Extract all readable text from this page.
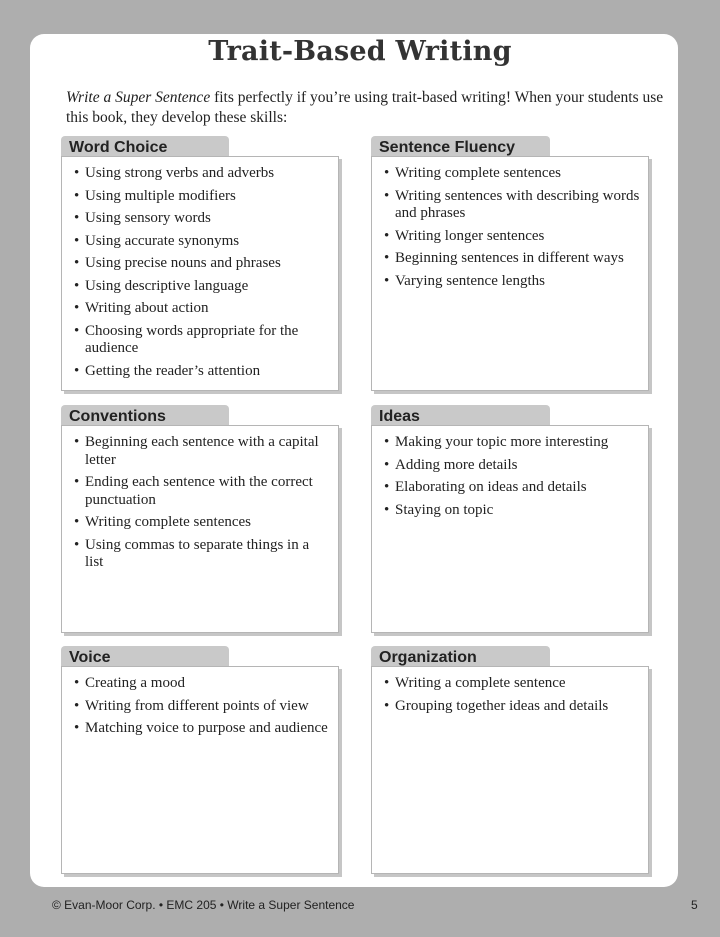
Trait-Based Writing
Write a Super Sentence fits perfectly if you’re using trait-based writing! When your students use this book, they develop these skills:
Word Choice
• Using strong verbs and adverbs
• Using multiple modifiers
• Using sensory words
• Using accurate synonyms
• Using precise nouns and phrases
• Using descriptive language
• Writing about action
• Choosing words appropriate for the audience
• Getting the reader’s attention
Sentence Fluency
• Writing complete sentences
• Writing sentences with describing words and phrases
• Writing longer sentences
• Beginning sentences in different ways
• Varying sentence lengths
Conventions
• Beginning each sentence with a capital letter
• Ending each sentence with the correct punctuation
• Writing complete sentences
• Using commas to separate things in a list
Ideas
• Making your topic more interesting
• Adding more details
• Elaborating on ideas and details
• Staying on topic
Voice
• Creating a mood
• Writing from different points of view
• Matching voice to purpose and audience
Organization
• Writing a complete sentence
• Grouping together ideas and details
© Evan-Moor Corp. • EMC 205 • Write a Super Sentence	5
